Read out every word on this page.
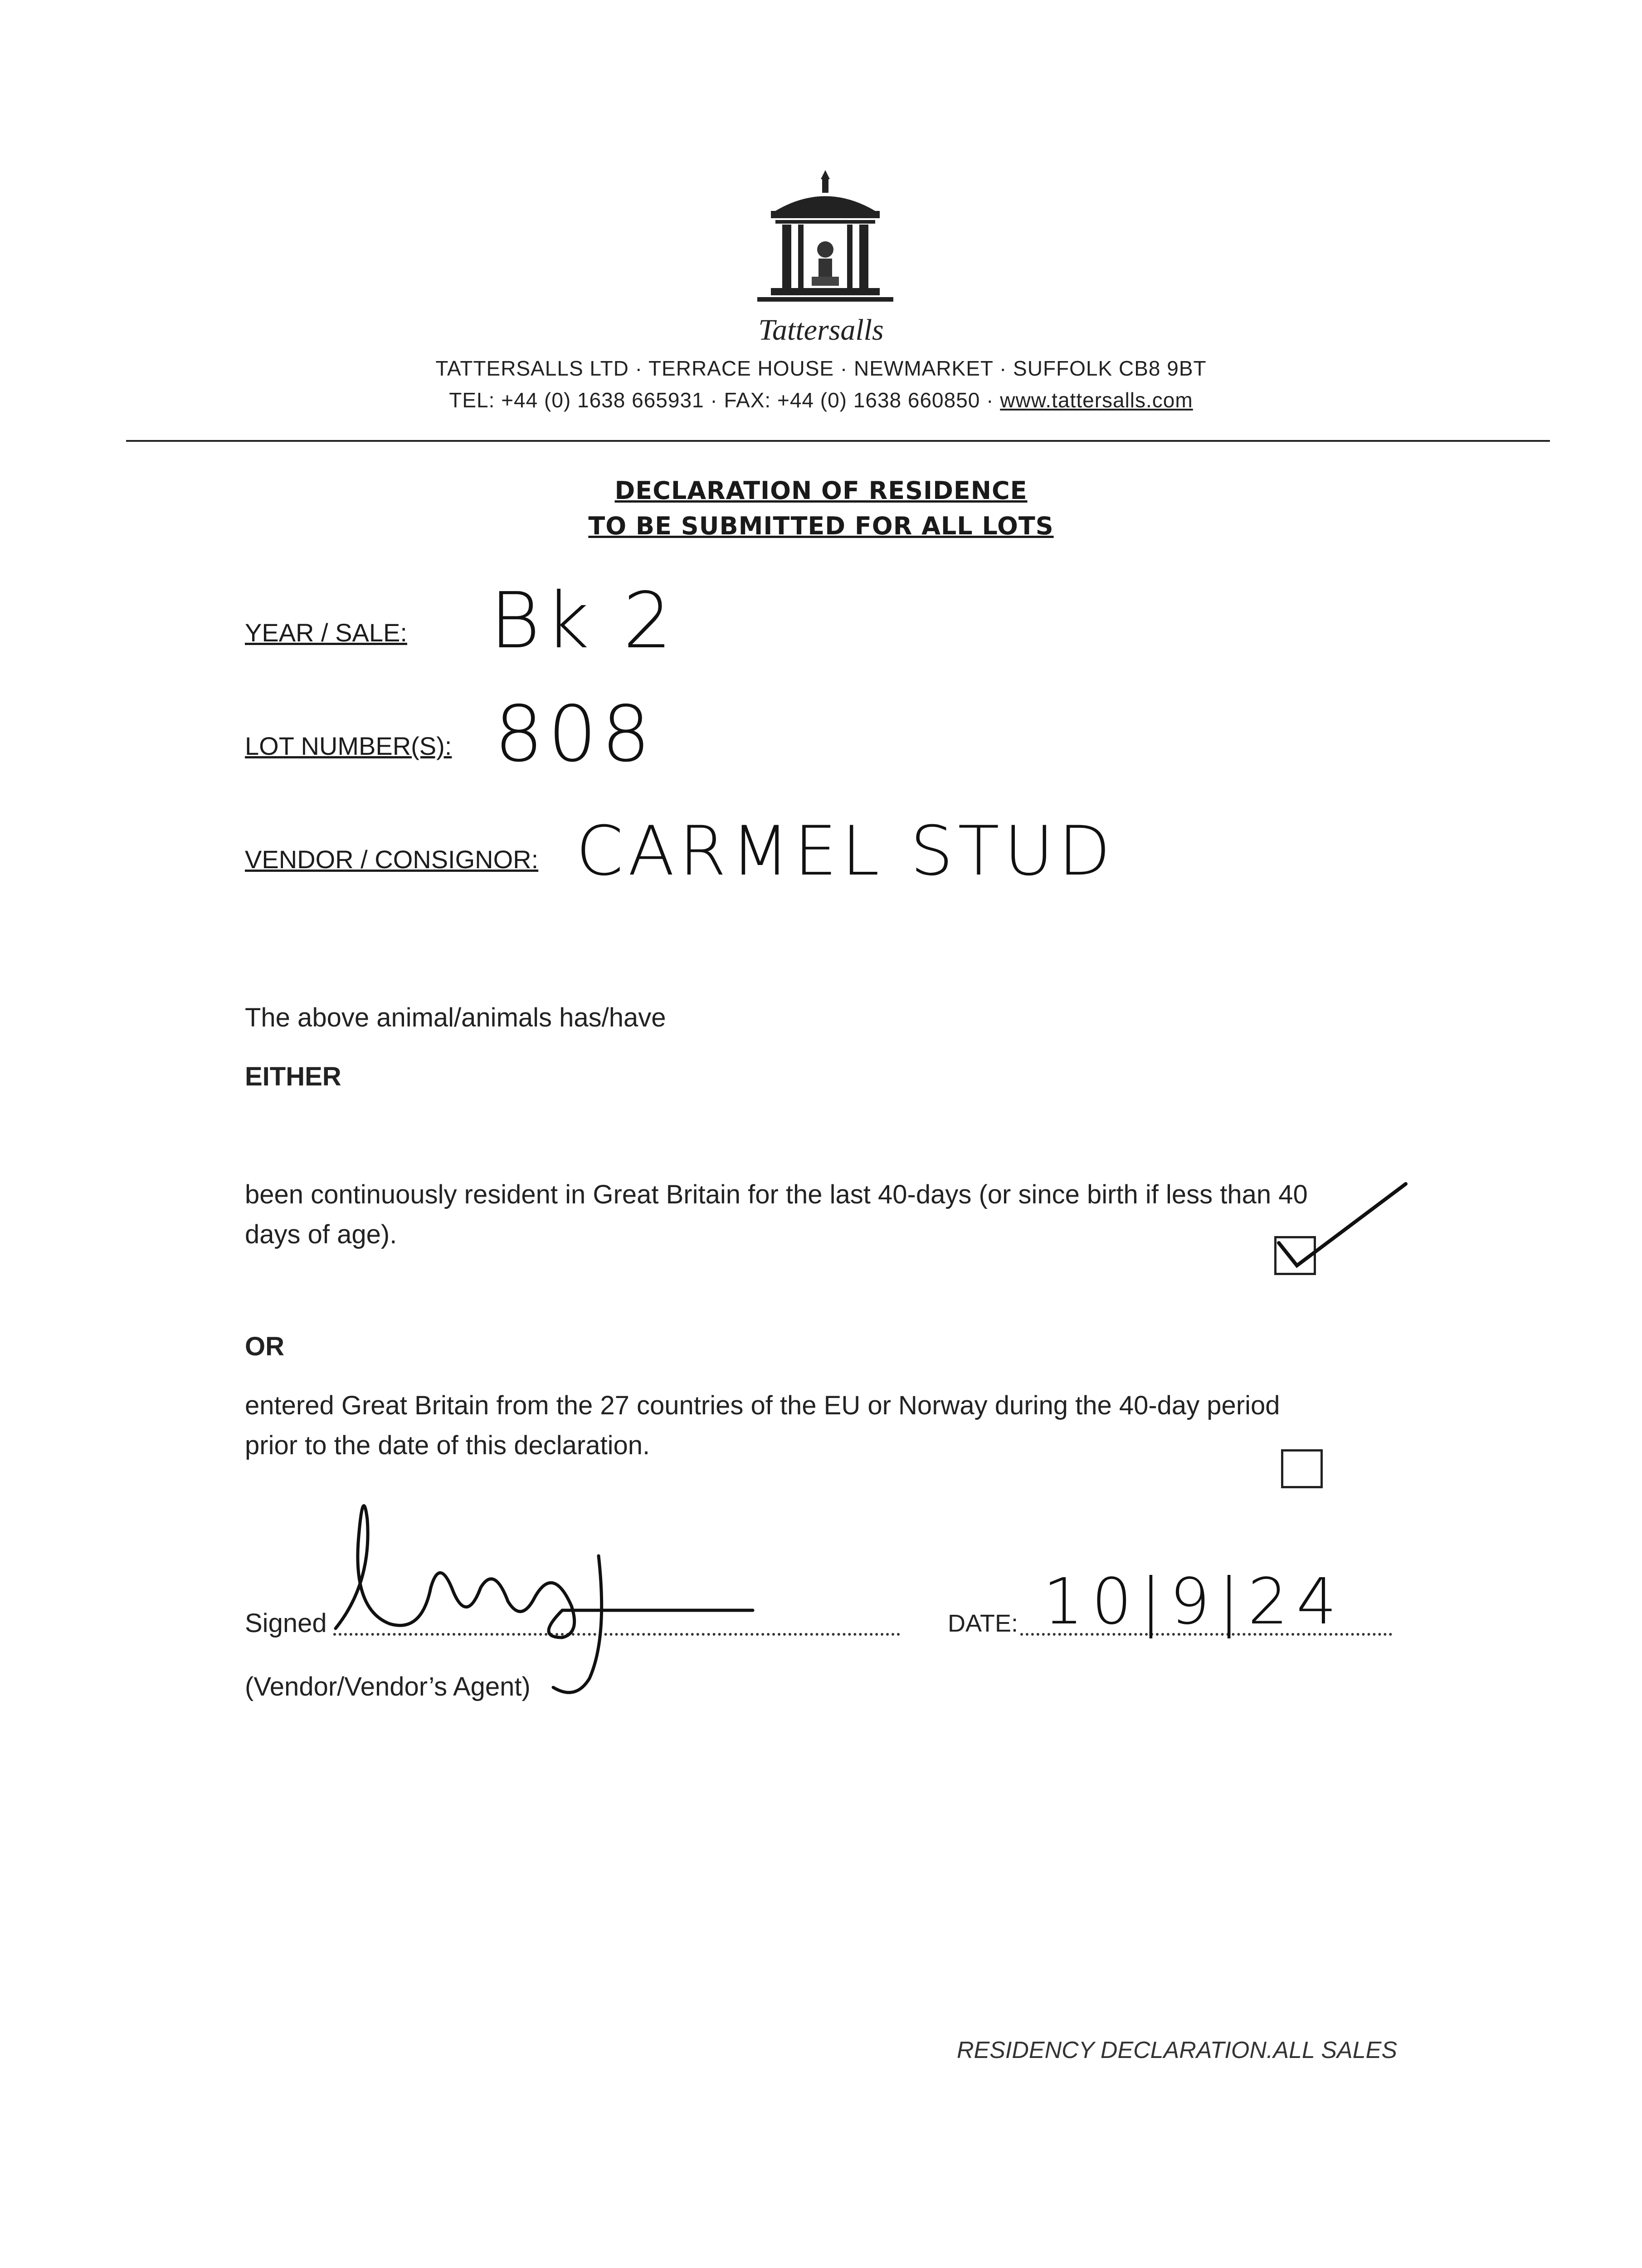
Tattersalls
TATTERSALLS LTD · TERRACE HOUSE · NEWMARKET · SUFFOLK CB8 9BT
TEL: +44 (0) 1638 665931 · FAX: +44 (0) 1638 660850 · www.tattersalls.com
DECLARATION OF RESIDENCE
TO BE SUBMITTED FOR ALL LOTS
YEAR / SALE: Bk 2
LOT NUMBER(S): 808
VENDOR / CONSIGNOR: CARMEL STUD
The above animal/animals has/have
EITHER
been continuously resident in Great Britain for the last 40-days (or since birth if less than 40
days of age).
OR
entered Great Britain from the 27 countries of the EU or Norway during the 40-day period
prior to the date of this declaration.
Signed
(Vendor/Vendor’s Agent)
DATE: 10|9|24
RESIDENCY DECLARATION.ALL SALES
